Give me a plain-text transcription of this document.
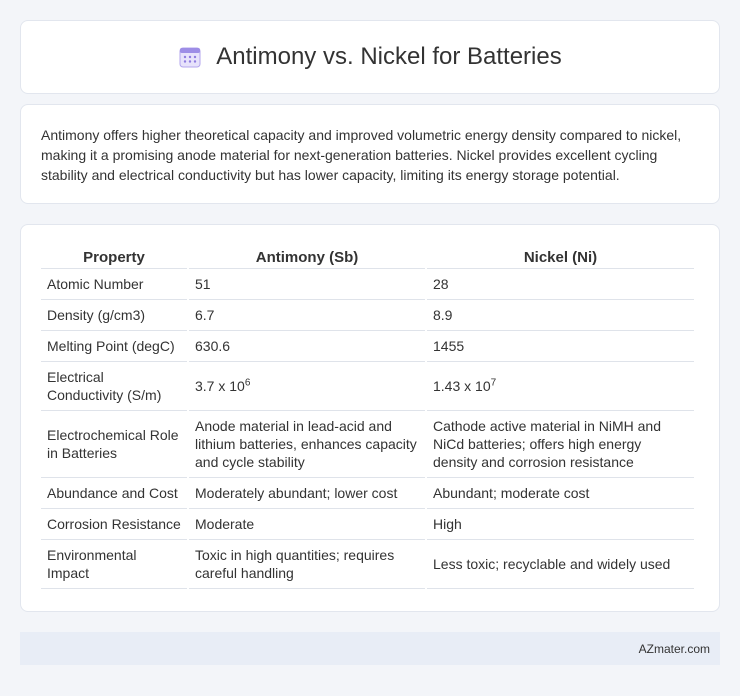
Antimony vs. Nickel for Batteries

Antimony offers higher theoretical capacity and improved volumetric energy density compared to nickel, making it a promising anode material for next-generation batteries. Nickel provides excellent cycling stability and electrical conductivity but has lower capacity, limiting its energy storage potential.

Property	Antimony (Sb)	Nickel (Ni)
Atomic Number	51	28
Density (g/cm3)	6.7	8.9
Melting Point (degC)	630.6	1455
Electrical Conductivity (S/m)	3.7 x $10^6$	1.43 x $10^7$
Electrochemical Role in Batteries	Anode material in lead-acid and lithium batteries, enhances capacity and cycle stability	Cathode active material in NiMH and NiCd batteries; offers high energy density and corrosion resistance
Abundance and Cost	Moderately abundant; lower cost	Abundant; moderate cost
Corrosion Resistance	Moderate	High
Environmental Impact	Toxic in high quantities; requires careful handling	Less toxic; recyclable and widely used
AZmater.com
